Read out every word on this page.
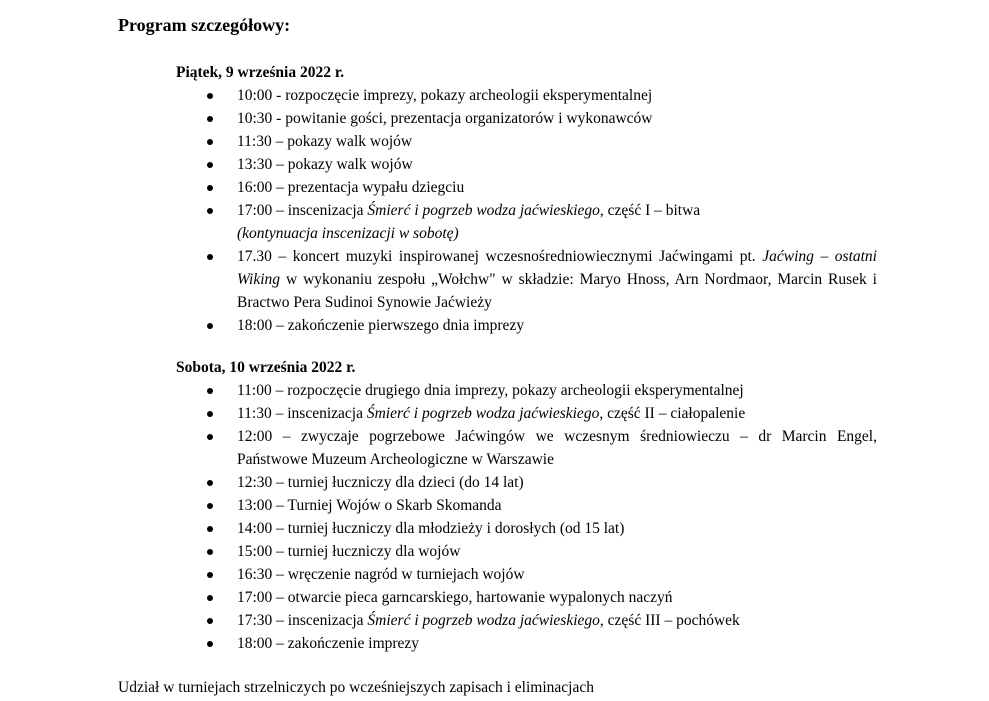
Program szczegółowy:
Piątek, 9 września 2022 r.
10:00 - rozpoczęcie imprezy, pokazy archeologii eksperymentalnej
10:30 - powitanie gości, prezentacja organizatorów i wykonawców
11:30 – pokazy walk wojów
13:30 – pokazy walk wojów
16:00 – prezentacja wypału dziegciu
17:00 – inscenizacja Śmierć i pogrzeb wodza jaćwieskiego, część I – bitwa
(kontynuacja inscenizacji w sobotę)
17.30 – koncert muzyki inspirowanej wczesnośredniowiecznymi Jaćwingami pt. Jaćwing – ostatni Wiking w wykonaniu zespołu „Wołchw" w składzie: Maryo Hnoss, Arn Nordmaor, Marcin Rusek i Bractwo Pera Sudinoi Synowie Jaćwieży
18:00 – zakończenie pierwszego dnia imprezy
Sobota, 10 września 2022 r.
11:00 – rozpoczęcie drugiego dnia imprezy, pokazy archeologii eksperymentalnej
11:30 – inscenizacja Śmierć i pogrzeb wodza jaćwieskiego, część II – ciałopalenie
12:00 – zwyczaje pogrzebowe Jaćwingów we wczesnym średniowieczu – dr Marcin Engel, Państwowe Muzeum Archeologiczne w Warszawie
12:30 – turniej łuczniczy dla dzieci (do 14 lat)
13:00 – Turniej Wojów o Skarb Skomanda
14:00 – turniej łuczniczy dla młodzieży i dorosłych (od 15 lat)
15:00 – turniej łuczniczy dla wojów
16:30 – wręczenie nagród w turniejach wojów
17:00 – otwarcie pieca garncarskiego, hartowanie wypalonych naczyń
17:30 – inscenizacja Śmierć i pogrzeb wodza jaćwieskiego, część III – pochówek
18:00 – zakończenie imprezy
Udział w turniejach strzelniczych po wcześniejszych zapisach i eliminacjach
